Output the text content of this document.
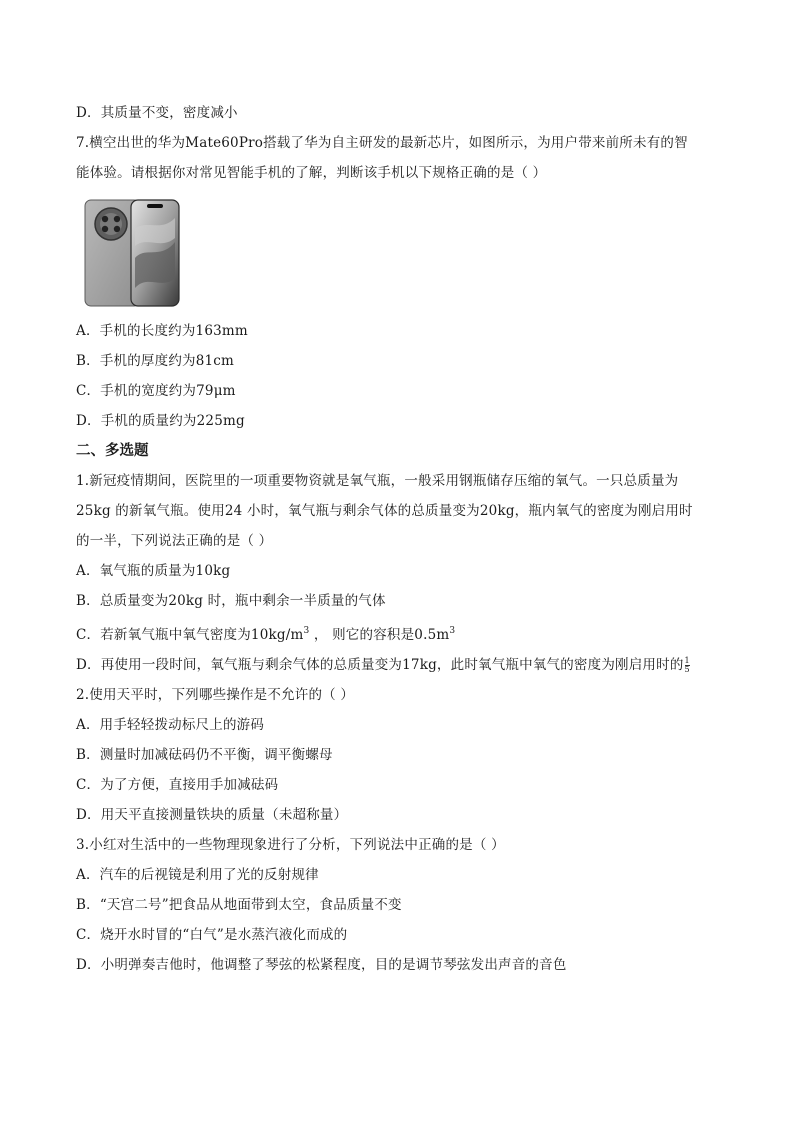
D．其质量不变，密度减小
7.横空出世的华为Mate60Pro搭载了华为自主研发的最新芯片，如图所示，为用户带来前所未有的智
能体验。请根据你对常见智能手机的了解，判断该手机以下规格正确的是（ ）
A．手机的长度约为163mm
B．手机的厚度约为81cm
C．手机的宽度约为79μm
D．手机的质量约为225mg
二、多选题
1.新冠疫情期间，医院里的一项重要物资就是氧气瓶，一般采用钢瓶储存压缩的氧气。一只总质量为
25kg 的新氧气瓶。使用24 小时，氧气瓶与剩余气体的总质量变为20kg，瓶内氧气的密度为刚启用时
的一半，下列说法正确的是（ ）
A．氧气瓶的质量为10kg
B．总质量变为20kg 时，瓶中剩余一半质量的气体
C．若新氧气瓶中氧气密度为$10kg/m^3$ ， 则它的容积是$0.5m^3$
D．再使用一段时间，氧气瓶与剩余气体的总质量变为17kg，此时氧气瓶中氧气的密度为刚启用时的 $\frac{1}{5}$
2.使用天平时，下列哪些操作是不允许的（ ）
A．用手轻轻拨动标尺上的游码
B．测量时加减砝码仍不平衡，调平衡螺母
C．为了方便，直接用手加减砝码
D．用天平直接测量铁块的质量（未超称量）
3.小红对生活中的一些物理现象进行了分析，下列说法中正确的是（ ）
A．汽车的后视镜是利用了光的反射规律
B．“天宫二号”把食品从地面带到太空，食品质量不变
C．烧开水时冒的“白气”是水蒸汽液化而成的
D．小明弹奏吉他时，他调整了琴弦的松紧程度，目的是调节琴弦发出声音的音色
